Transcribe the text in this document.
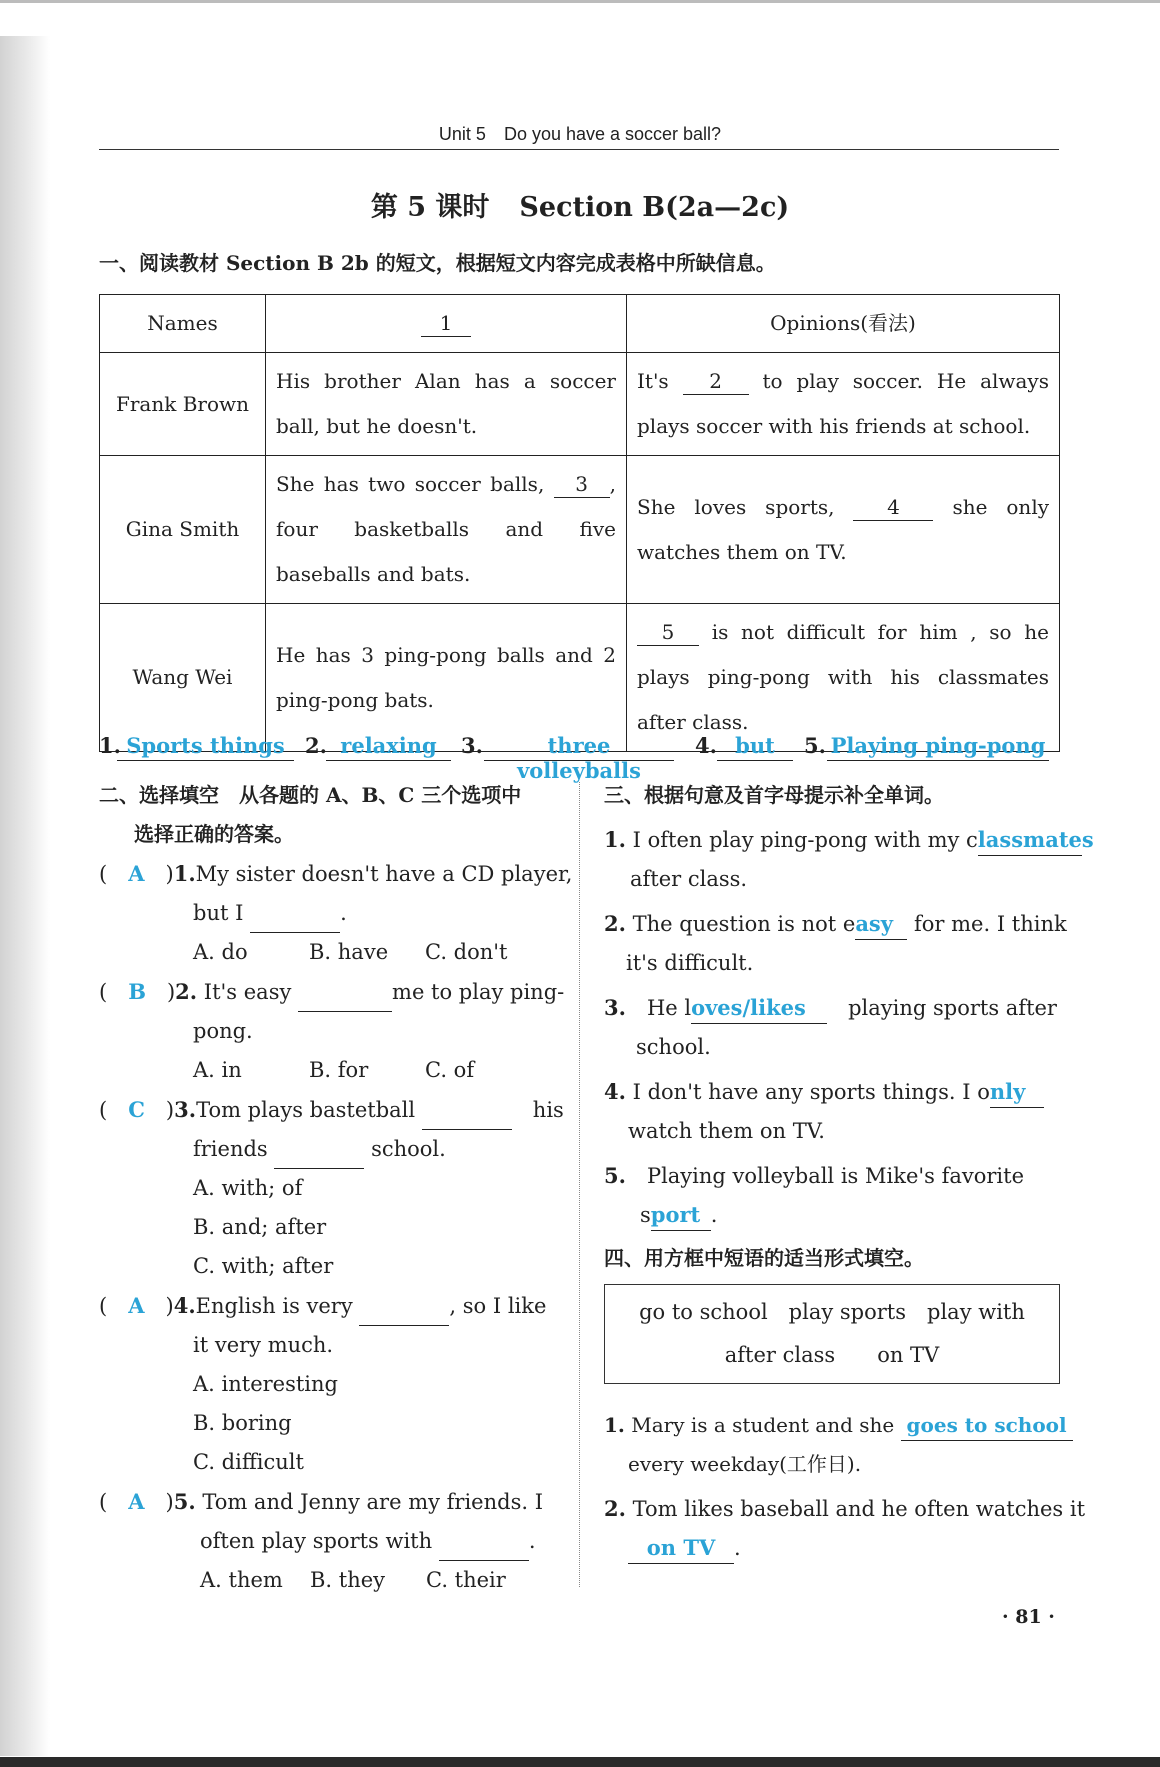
Unit 5　Do you have a soccer ball?
第 5 课时 Section B(2a—2c)
一、阅读教材 Section B 2b 的短文，根据短文内容完成表格中所缺信息。
Names	1	Opinions(看法)
Frank Brown	His brother Alan has a soccer ball, but he doesn't.	It's 2 to play soccer. He always plays soccer with his friends at school.
Gina Smith	She has two soccer balls, 3 , four basketballs and five baseballs and bats.	She loves sports, 4 she only watches them on TV.
Wang Wei	He has 3 ping-pong balls and 2 ping-pong bats.	5 is not difficult for him , so he plays ping-pong with his classmates after class.
1. Sports things 2. relaxing	3.	three volleyballs
4. but	5. Playing ping-pong
二、选择填空　从各题的 A、B、C 三个选项中
选择正确的答案。
(　A　)1.My sister doesn't have a CD player,
but I	.
A. do	B. have C. don't
(　B　)2. It's easy	me to play ping-
pong.
A. in	B. for	C. of
(　C　)3.Tom plays bastetball 　	his
friends	school.
A. with; of
B. and; after
C. with; after
(　A　)4.English is very	, so I like
it very much.
A. interesting
B. boring
C. difficult
(　A　)5. Tom and Jenny are my friends. I
often play sports with	.
A. them B. they C. their
三、根据句意及首字母提示补全单词。
1. I often play ping-pong with my classmates
after class.
2. The question is not easy for me. I think
it's difficult.
3.　 He loves/likes　 playing sports after
school.
4. I don't have any sports things. I only
watch them on TV.
5.　 Playing volleyball is Mike's favorite
sport .
四、用方框中短语的适当形式填空。
go to school　play sports　play with
after class　　on TV
1. Mary is a student and she goes to school
every weekday(工作日).
2. Tom likes baseball and he often watches it
on TV .
· 81 ·
